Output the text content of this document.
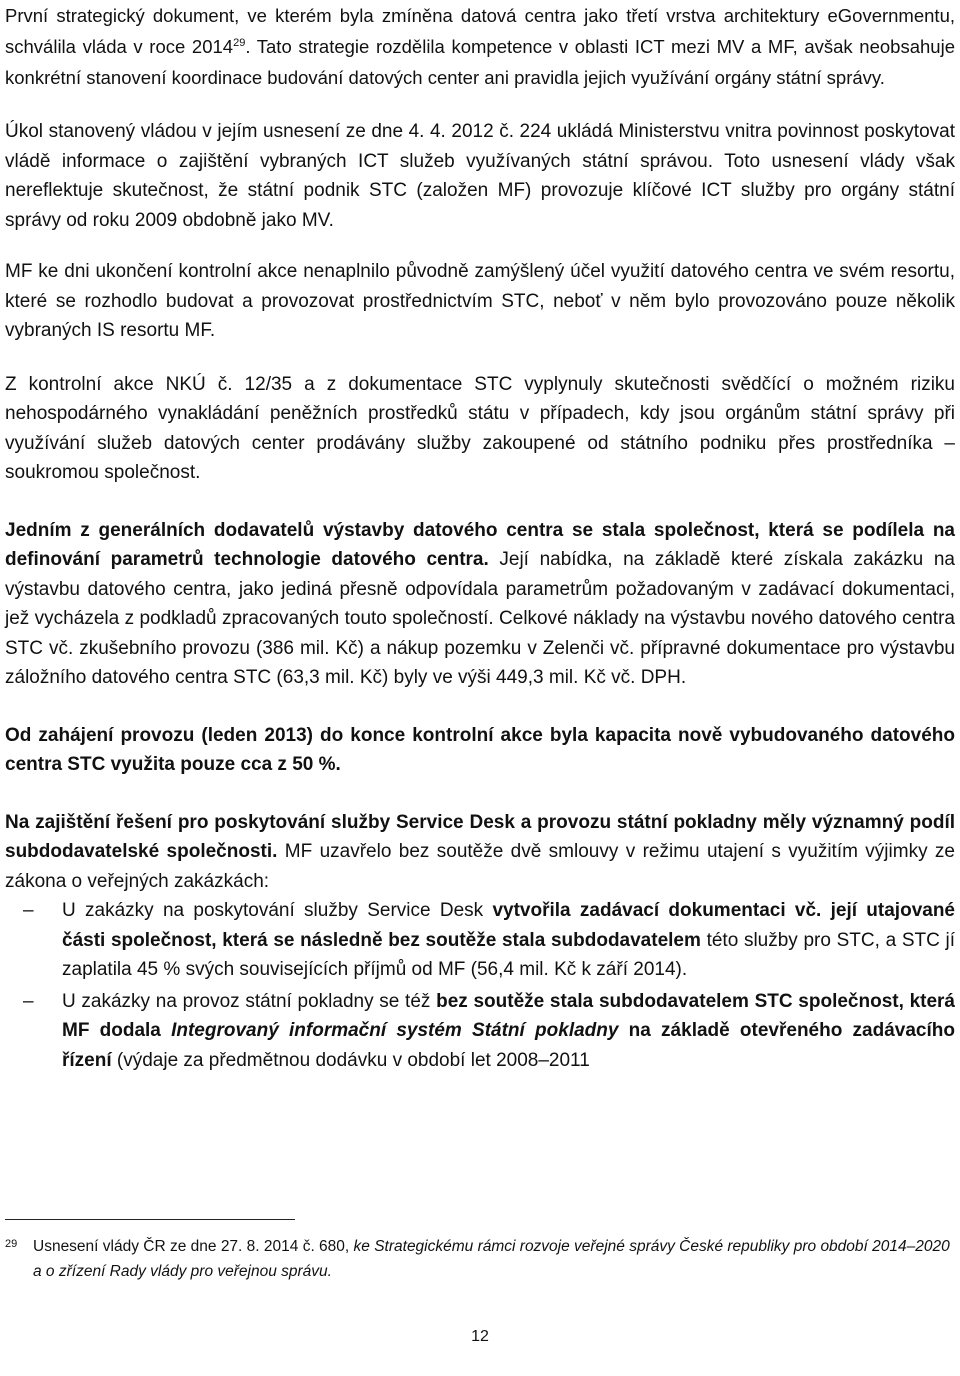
První strategický dokument, ve kterém byla zmíněna datová centra jako třetí vrstva architektury eGovernmentu, schválila vláda v roce 2014$^{29}$. Tato strategie rozdělila kompetence v oblasti ICT mezi MV a MF, avšak neobsahuje konkrétní stanovení koordinace budování datových center ani pravidla jejich využívání orgány státní správy.

Úkol stanovený vládou v jejím usnesení ze dne 4. 4. 2012 č. 224 ukládá Ministerstvu vnitra povinnost poskytovat vládě informace o zajištění vybraných ICT služeb využívaných státní správou. Toto usnesení vlády však nereflektuje skutečnost, že státní podnik STC (založen MF) provozuje klíčové ICT služby pro orgány státní správy od roku 2009 obdobně jako MV.

MF ke dni ukončení kontrolní akce nenaplnilo původně zamýšlený účel využití datového centra ve svém resortu, které se rozhodlo budovat a provozovat prostřednictvím STC, neboť v něm bylo provozováno pouze několik vybraných IS resortu MF.

Z kontrolní akce NKÚ č. 12/35 a z dokumentace STC vyplynuly skutečnosti svědčící o možném riziku nehospodárného vynakládání peněžních prostředků státu v případech, kdy jsou orgánům státní správy při využívání služeb datových center prodávány služby zakoupené od státního podniku přes prostředníka – soukromou společnost.

Jedním z generálních dodavatelů výstavby datového centra se stala společnost, která se podílela na definování parametrů technologie datového centra. Její nabídka, na základě které získala zakázku na výstavbu datového centra, jako jediná přesně odpovídala parametrům požadovaným v zadávací dokumentaci, jež vycházela z podkladů zpracovaných touto společností. Celkové náklady na výstavbu nového datového centra STC vč. zkušebního provozu (386 mil. Kč) a nákup pozemku v Zelenči vč. přípravné dokumentace pro výstavbu záložního datového centra STC (63,3 mil. Kč) byly ve výši 449,3 mil. Kč vč. DPH.

Od zahájení provozu (leden 2013) do konce kontrolní akce byla kapacita nově vybudovaného datového centra STC využita pouze cca z 50 %.

Na zajištění řešení pro poskytování služby Service Desk a provozu státní pokladny měly významný podíl subdodavatelské společnosti. MF uzavřelo bez soutěže dvě smlouvy v režimu utajení s využitím výjimky ze zákona o veřejných zakázkách:

– U zakázky na poskytování služby Service Desk vytvořila zadávací dokumentaci vč. její utajované části společnost, která se následně bez soutěže stala subdodavatelem této služby pro STC, a STC jí zaplatila 45 % svých souvisejících příjmů od MF (56,4 mil. Kč k září 2014).
– U zakázky na provoz státní pokladny se též bez soutěže stala subdodavatelem STC společnost, která MF dodala Integrovaný informační systém Státní pokladny na základě otevřeného zadávacího řízení (výdaje za předmětnou dodávku v období let 2008–2011
29 Usnesení vlády ČR ze dne 27. 8. 2014 č. 680, ke Strategickému rámci rozvoje veřejné správy České republiky pro období 2014–2020 a o zřízení Rady vlády pro veřejnou správu.
12
